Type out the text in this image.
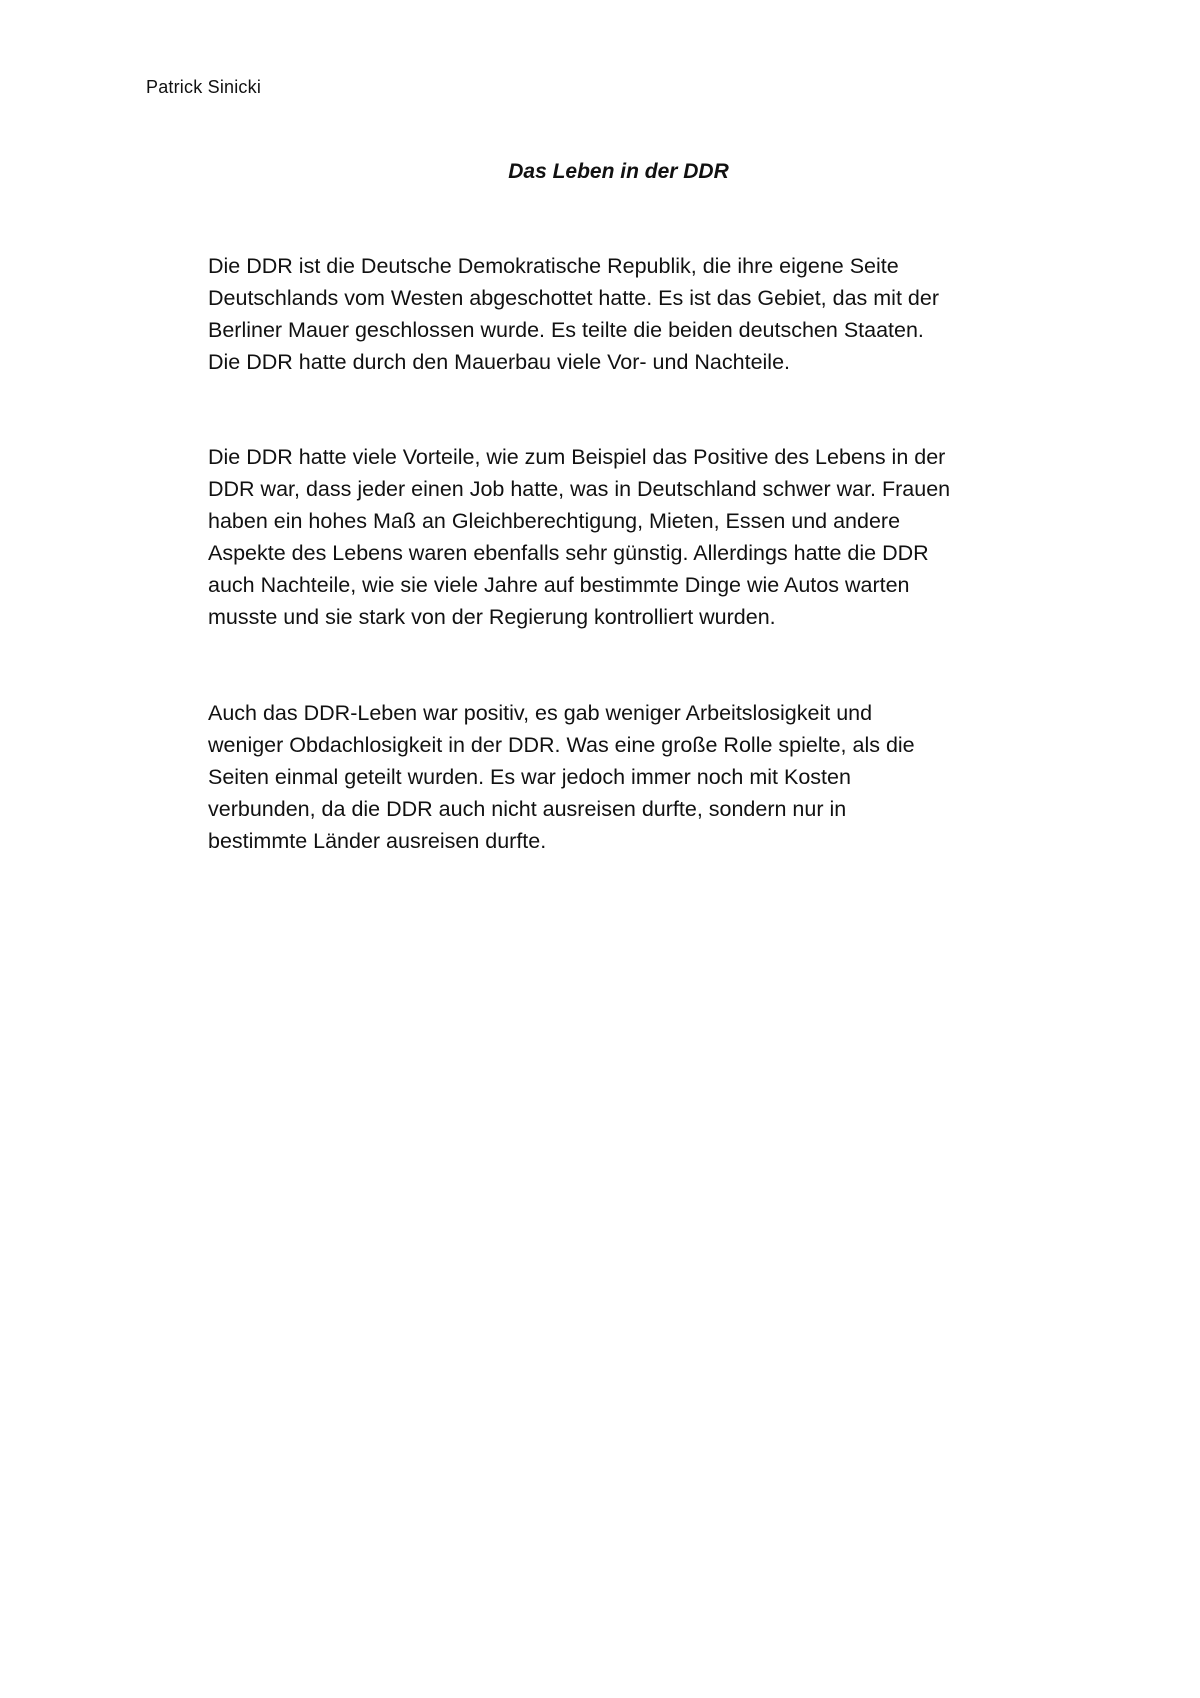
Patrick Sinicki
Das Leben in der DDR

Die DDR ist die Deutsche Demokratische Republik, die ihre eigene Seite
Deutschlands vom Westen abgeschottet hatte. Es ist das Gebiet, das mit der
Berliner Mauer geschlossen wurde. Es teilte die beiden deutschen Staaten.
Die DDR hatte durch den Mauerbau viele Vor- und Nachteile.

Die DDR hatte viele Vorteile, wie zum Beispiel das Positive des Lebens in der
DDR war, dass jeder einen Job hatte, was in Deutschland schwer war. Frauen
haben ein hohes Maß an Gleichberechtigung, Mieten, Essen und andere
Aspekte des Lebens waren ebenfalls sehr günstig. Allerdings hatte die DDR
auch Nachteile, wie sie viele Jahre auf bestimmte Dinge wie Autos warten
musste und sie stark von der Regierung kontrolliert wurden.

Auch das DDR-Leben war positiv, es gab weniger Arbeitslosigkeit und
weniger Obdachlosigkeit in der DDR. Was eine große Rolle spielte, als die
Seiten einmal geteilt wurden. Es war jedoch immer noch mit Kosten
verbunden, da die DDR auch nicht ausreisen durfte, sondern nur in
bestimmte Länder ausreisen durfte.
